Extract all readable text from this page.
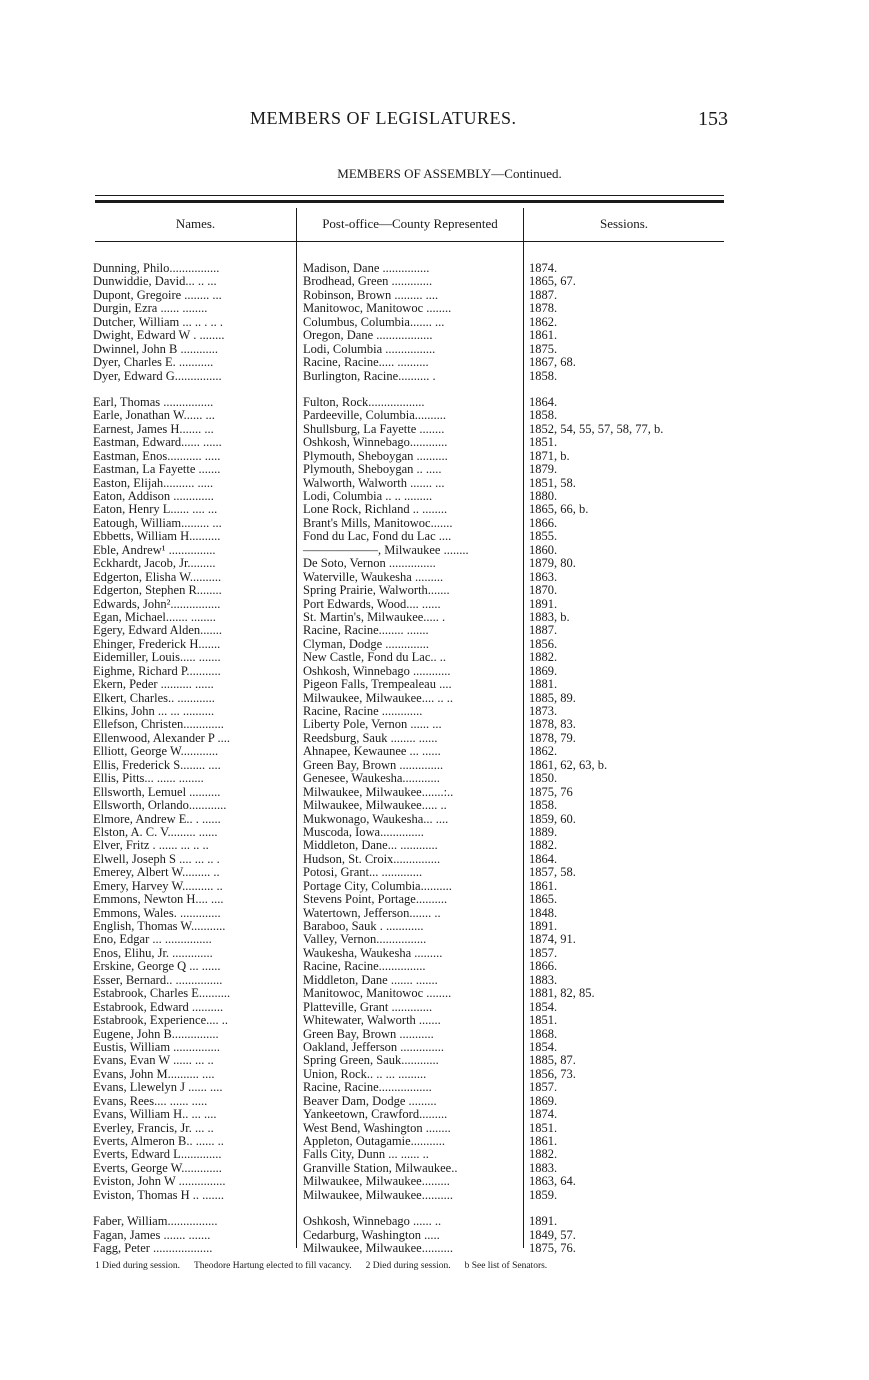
MEMBERS OF LEGISLATURES.	153
MEMBERS OF ASSEMBLY—Continued.
Names.	Post-office—County Represented	Sessions.
Dunning, Philo................	Madison, Dane ...............	1874.
Dunwiddie, David... .. ...	Brodhead, Green .............	1865, 67.
Dupont, Gregoire ........ ...	Robinson, Brown ......... ....	1887.
Durgin, Ezra ...... ........	Manitowoc, Manitowoc ........	1878.
Dutcher, William ... .. . .. .	Columbus, Columbia....... ...	1862.
Dwight, Edward W . ........	Oregon, Dane ..................	1861.
Dwinnel, John B ............	Lodi, Columbia ................	1875.
Dyer, Charles E. ...........	Racine, Racine..... ..........	1867, 68.
Dyer, Edward G...............	Burlington, Racine.......... .	1858.
Earl, Thomas ................	Fulton, Rock..................	1864.
Earle, Jonathan W...... ...	Pardeeville, Columbia..........	1858.
Earnest, James H....... ...	Shullsburg, La Fayette ........	1852, 54, 55, 57, 58, 77, b.
Eastman, Edward...... ......	Oshkosh, Winnebago............	1851.
Eastman, Enos........... .....	Plymouth, Sheboygan ..........	1871, b.
Eastman, La Fayette .......	Plymouth, Sheboygan .. .....	1879.
Easton, Elijah.......... .....	Walworth, Walworth ....... ...	1851, 58.
Eaton, Addison .............	Lodi, Columbia .. .. .........	1880.
Eaton, Henry L...... .... ...	Lone Rock, Richland .. ........	1865, 66, b.
Eatough, William......... ...	Brant's Mills, Manitowoc.......	1866.
Ebbetts, William H..........	Fond du Lac, Fond du Lac ....	1855.
Eble, Andrew¹ ...............	——————, Milwaukee ........	1860.
Eckhardt, Jacob, Jr.........	De Soto, Vernon ...............	1879, 80.
Edgerton, Elisha W..........	Waterville, Waukesha .........	1863.
Edgerton, Stephen R........	Spring Prairie, Walworth.......	1870.
Edwards, John²................	Port Edwards, Wood.... ......	1891.
Egan, Michael....... ........	St. Martin's, Milwaukee..... .	1883, b.
Egery, Edward Alden.......	Racine, Racine........ .......	1887.
Ehinger, Frederick H.......	Clyman, Dodge ..............	1856.
Eidemiller, Louis..... .......	New Castle, Fond du Lac.. ..	1882.
Eighme, Richard P...........	Oshkosh, Winnebago ............	1869.
Ekern, Peder .......... ......	Pigeon Falls, Trempealeau ....	1881.
Elkert, Charles.. ............	Milwaukee, Milwaukee.... .. ..	1885, 89.
Elkins, John ... ... ..........	Racine, Racine .............	1873.
Ellefson, Christen.............	Liberty Pole, Vernon ...... ...	1878, 83.
Ellenwood, Alexander P ....	Reedsburg, Sauk ........ ......	1878, 79.
Elliott, George W............	Ahnapee, Kewaunee ... ......	1862.
Ellis, Frederick S........ ....	Green Bay, Brown ..............	1861, 62, 63, b.
Ellis, Pitts... ...... ........	Genesee, Waukesha............	1850.
Ellsworth, Lemuel ..........	Milwaukee, Milwaukee.......:..	1875, 76
Ellsworth, Orlando............	Milwaukee, Milwaukee..... ..	1858.
Elmore, Andrew E.. . ......	Mukwonago, Waukesha... ....	1859, 60.
Elston, A. C. V......... ......	Muscoda, Iowa..............	1889.
Elver, Fritz . ...... ... .. ..	Middleton, Dane... ............	1882.
Elwell, Joseph S .... ... .. .	Hudson, St. Croix...............	1864.
Emerey, Albert W......... ..	Potosi, Grant... .............	1857, 58.
Emery, Harvey W.......... ..	Portage City, Columbia..........	1861.
Emmons, Newton H.... ....	Stevens Point, Portage..........	1865.
Emmons, Wales. .............	Watertown, Jefferson....... ..	1848.
English, Thomas W...........	Baraboo, Sauk . ............	1891.
Eno, Edgar ... ...............	Valley, Vernon................	1874, 91.
Enos, Elihu, Jr. .............	Waukesha, Waukesha .........	1857.
Erskine, George Q ... ......	Racine, Racine...............	1866.
Esser, Bernard.. ...............	Middleton, Dane ....... .......	1883.
Estabrook, Charles E..........	Manitowoc, Manitowoc ........	1881, 82, 85.
Estabrook, Edward ..........	Platteville, Grant .............	1854.
Estabrook, Experience.... ..	Whitewater, Walworth .......	1851.
Eugene, John B...............	Green Bay, Brown ...........	1868.
Eustis, William ...............	Oakland, Jefferson ..............	1854.
Evans, Evan W ...... ... ..	Spring Green, Sauk............	1885, 87.
Evans, John M.......... ....	Union, Rock.. .. ... .........	1856, 73.
Evans, Llewelyn J ...... ....	Racine, Racine.................	1857.
Evans, Rees.... ...... .....	Beaver Dam, Dodge .........	1869.
Evans, William H.. ... ....	Yankeetown, Crawford.........	1874.
Everley, Francis, Jr. ... ..	West Bend, Washington ........	1851.
Everts, Almeron B.. ...... ..	Appleton, Outagamie...........	1861.
Everts, Edward L.............	Falls City, Dunn ... ...... ..	1882.
Everts, George W.............	Granville Station, Milwaukee..	1883.
Eviston, John W ...............	Milwaukee, Milwaukee.........	1863, 64.
Eviston, Thomas H .. .......	Milwaukee, Milwaukee..........	1859.
Faber, William................	Oshkosh, Winnebago ...... ..	1891.
Fagan, James ....... .......	Cedarburg, Washington .....	1849, 57.
Fagg, Peter ...................	Milwaukee, Milwaukee..........	1875, 76.
1 Died during session. Theodore Hartung elected to fill vacancy. 2 Died during session. b See list of Senators.
